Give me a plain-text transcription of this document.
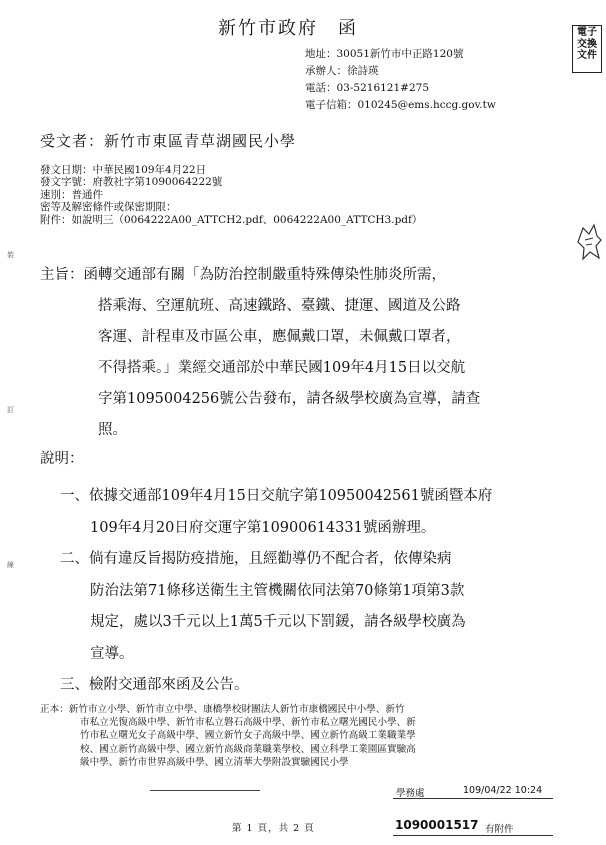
新竹市政府　函
地址：30051新竹市中正路120號
承辦人：徐詩瑛
電話：03-5216121#275
電子信箱：010245@ems.hccg.gov.tw
電子交換文件
裝
訂
線
受文者：新竹市東區青草湖國民小學
發文日期：中華民國109年4月22日
發文字號：府教社字第1090064222號
速別：普通件
密等及解密條件或保密期限：
附件：如說明三（0064222A00_ATTCH2.pdf、0064222A00_ATTCH3.pdf）
主旨：函轉交通部有關「為防治控制嚴重特殊傳染性肺炎所需，
搭乘海、空運航班、高速鐵路、臺鐵、捷運、國道及公路
客運、計程車及市區公車，應佩戴口罩，未佩戴口罩者，
不得搭乘。」業經交通部於中華民國109年4月15日以交航
字第1095004256號公告發布，請各級學校廣為宣導，請查
照。
說明：
一、依據交通部109年4月15日交航字第10950042561號函暨本府
109年4月20日府交運字第10900614331號函辦理。
二、倘有違反旨揭防疫措施，且經勸導仍不配合者，依傳染病
防治法第71條移送衛生主管機關依同法第70條第1項第3款
規定，處以3千元以上1萬5千元以下罰鍰，請各級學校廣為
宣導。
三、檢附交通部來函及公告。
正本：新竹市立小學、新竹市立中學、康橋學校財團法人新竹市康橋國民中小學、新竹
市私立光復高級中學、新竹市私立磐石高級中學、新竹市私立曙光國民小學、新
竹市私立曙光女子高級中學、國立新竹女子高級中學、國立新竹高級工業職業學
校、國立新竹高級中學、國立新竹高級商業職業學校、國立科學工業園區實驗高
級中學、新竹市世界高級中學、國立清華大學附設實驗國民小學
學務處	109/04/22 10:24
1090001517 有附件
第 1 頁，共 2 頁
